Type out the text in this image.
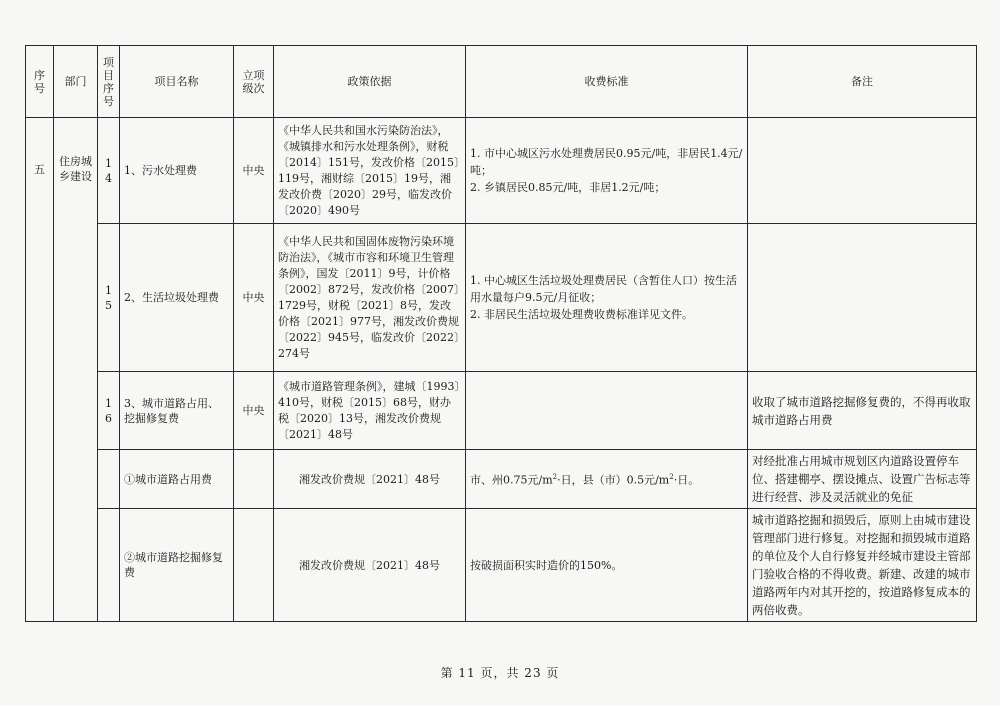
序号	部门	项目序号	项目名称	立项级次	政策依据	收费标准	备注
五	住房城乡建设	14	1、污水处理费	中央	《中华人民共和国水污染防治法》，《城镇排水和污水处理条例》，财税〔2014〕151号，发改价格〔2015〕119号，湘财综〔2015〕19号，湘发改价费〔2020〕29号，临发改价〔2020〕490号	1. 市中心城区污水处理费居民0.95元/吨，非居民1.4元/吨；
2. 乡镇居民0.85元/吨，非居1.2元/吨；	

		15	2、生活垃圾处理费	中央	《中华人民共和国固体废物污染环境防治法》，《城市市容和环境卫生管理条例》，国发〔2011〕9号，计价格〔2002〕872号，发改价格〔2007〕1729号，财税〔2021〕8号，发改价格〔2021〕977号，湘发改价费规〔2022〕945号，临发改价〔2022〕274号	1. 中心城区生活垃圾处理费居民（含暂住人口）按生活用水量每户9.5元/月征收；
2. 非居民生活垃圾处理费收费标准详见文件。	

		16	3、城市道路占用、挖掘修复费	中央	《城市道路管理条例》，建城〔1993〕410号，财税〔2015〕68号，财办税〔2020〕13号，湘发改价费规〔2021〕48号		收取了城市道路挖掘修复费的，不得再收取城市道路占用费
			①城市道路占用费		湘发改价费规〔2021〕48号	市、州0.75元$/m^2\cdot$日，县（市）0.5元$/m^2\cdot$日。	对经批准占用城市规划区内道路设置停车位、搭建棚亭、摆设摊点、设置广告标志等进行经营、涉及灵活就业的免征
			②城市道路挖掘修复费		湘发改价费规〔2021〕48号	按破损面积实时造价的150%。	城市道路挖掘和损毁后，原则上由城市建设管理部门进行修复。对挖掘和损毁城市道路的单位及个人自行修复并经城市建设主管部门验收合格的不得收费。新建、改建的城市道路两年内对其开挖的，按道路修复成本的两倍收费。
第 11 页，共 23 页
